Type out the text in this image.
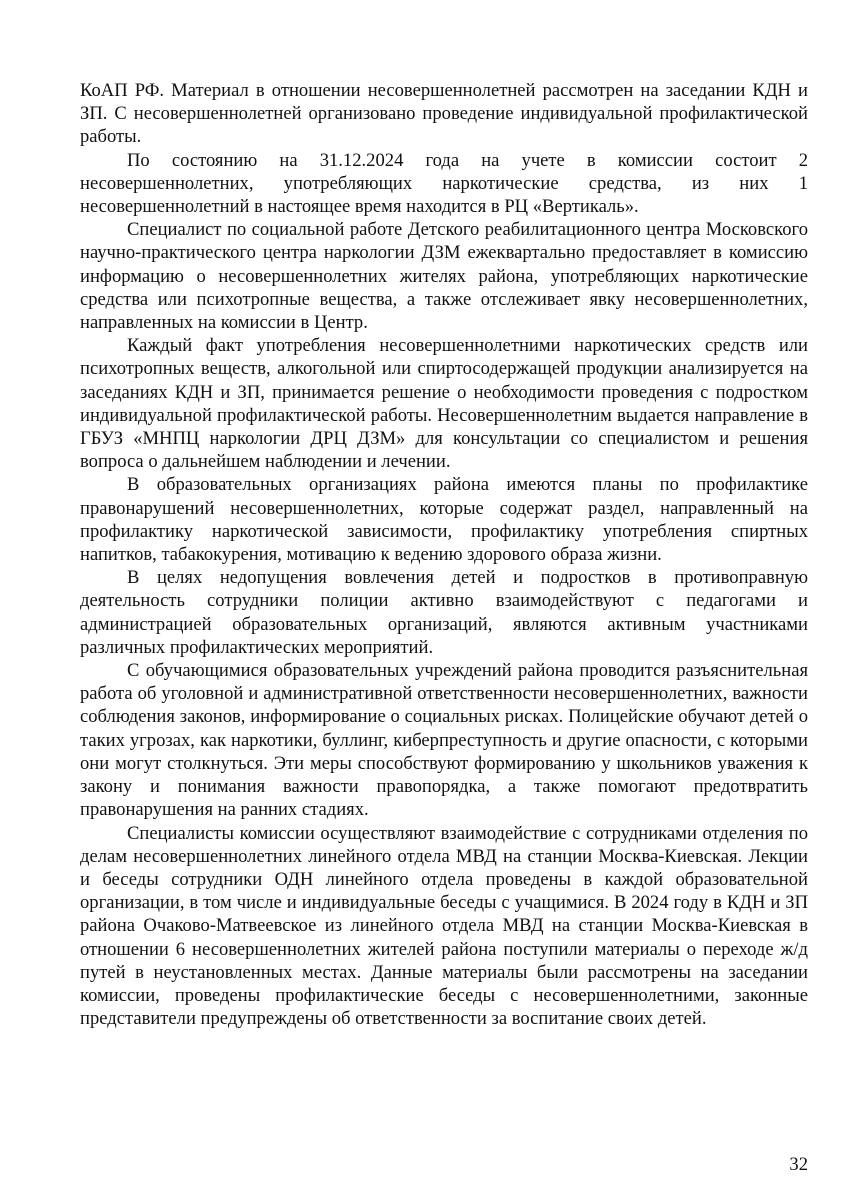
КоАП РФ. Материал в отношении несовершеннолетней рассмотрен на заседании КДН и ЗП. С несовершеннолетней организовано проведение индивидуальной профилактической работы.

По состоянию на 31.12.2024 года на учете в комиссии состоит 2 несовершеннолетних, употребляющих наркотические средства, из них 1 несовершеннолетний в настоящее время находится в РЦ «Вертикаль».

Специалист по социальной работе Детского реабилитационного центра Московского научно-практического центра наркологии ДЗМ ежеквартально предоставляет в комиссию информацию о несовершеннолетних жителях района, употребляющих наркотические средства или психотропные вещества, а также отслеживает явку несовершеннолетних, направленных на комиссии в Центр.

Каждый факт употребления несовершеннолетними наркотических средств или психотропных веществ, алкогольной или спиртосодержащей продукции анализируется на заседаниях КДН и ЗП, принимается решение о необходимости проведения с подростком индивидуальной профилактической работы. Несовершеннолетним выдается направление в ГБУЗ «МНПЦ наркологии ДРЦ ДЗМ» для консультации со специалистом и решения вопроса о дальнейшем наблюдении и лечении.

В образовательных организациях района имеются планы по профилактике правонарушений несовершеннолетних, которые содержат раздел, направленный на профилактику наркотической зависимости, профилактику употребления спиртных напитков, табакокурения, мотивацию к ведению здорового образа жизни.

В целях недопущения вовлечения детей и подростков в противоправную деятельность сотрудники полиции активно взаимодействуют с педагогами и администрацией образовательных организаций, являются активным участниками различных профилактических мероприятий.

С обучающимися образовательных учреждений района проводится разъяснительная работа об уголовной и административной ответственности несовершеннолетних, важности соблюдения законов, информирование о социальных рисках. Полицейские обучают детей о таких угрозах, как наркотики, буллинг, киберпреступность и другие опасности, с которыми они могут столкнуться. Эти меры способствуют формированию у школьников уважения к закону и понимания важности правопорядка, а также помогают предотвратить правонарушения на ранних стадиях.

Специалисты комиссии осуществляют взаимодействие с сотрудниками отделения по делам несовершеннолетних линейного отдела МВД на станции Москва-Киевская. Лекции и беседы сотрудники ОДН линейного отдела проведены в каждой образовательной организации, в том числе и индивидуальные беседы с учащимися. В 2024 году в КДН и ЗП района Очаково-Матвеевское из линейного отдела МВД на станции Москва-Киевская в отношении 6 несовершеннолетних жителей района поступили материалы о переходе ж/д путей в неустановленных местах. Данные материалы были рассмотрены на заседании комиссии, проведены профилактические беседы с несовершеннолетними, законные представители предупреждены об ответственности за воспитание своих детей.

32
